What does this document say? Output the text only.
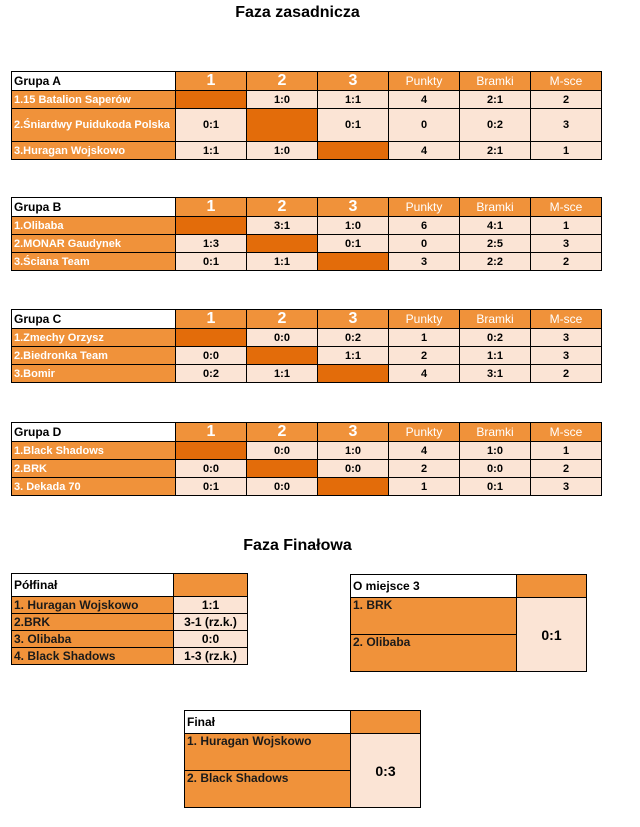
Faza zasadnicza
Grupa A	1	2	3	Punkty	Bramki	M-sce
1.15 Batalion Saperów		1:0	1:1	4	2:1	2
2.Śniardwy Puidukoda Polska	0:1		0:1	0	0:2	3
3.Huragan Wojskowo	1:1	1:0		4	2:1	1
Grupa B	1	2	3	Punkty	Bramki	M-sce
1.Olibaba		3:1	1:0	6	4:1	1
2.MONAR Gaudynek	1:3		0:1	0	2:5	3
3.Ściana Team	0:1	1:1		3	2:2	2
Grupa C	1	2	3	Punkty	Bramki	M-sce
1.Zmechy Orzysz		0:0	0:2	1	0:2	3
2.Biedronka Team	0:0		1:1	2	1:1	3
3.Bomir	0:2	1:1		4	3:1	2
Grupa D	1	2	3	Punkty	Bramki	M-sce
1.Black Shadows		0:0	1:0	4	1:0	1
2.BRK	0:0		0:0	2	0:0	2
3. Dekada 70	0:1	0:0		1	0:1	3
Faza Finałowa
Półfinał	
1. Huragan Wojskowo	1:1
2.BRK	3-1 (rz.k.)
3. Olibaba	0:0
4. Black Shadows	1-3 (rz.k.)
O miejsce 3	
1. BRK	0:1
2. Olibaba	
Finał	
1. Huragan Wojskowo	0:3
2. Black Shadows	
